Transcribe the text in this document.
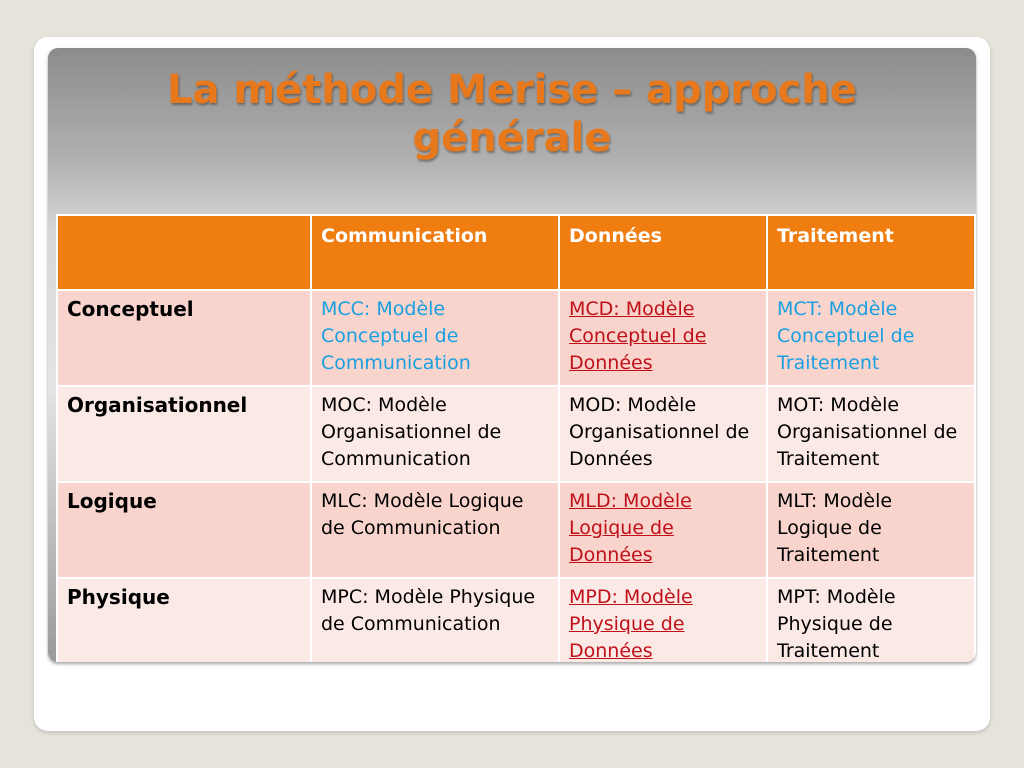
La méthode Merise – approche
générale
	Communication	Données	Traitement
Conceptuel	MCC: Modèle Conceptuel de Communication	MCD: Modèle Conceptuel de Données	MCT: Modèle Conceptuel de Traitement
Organisationnel	MOC: Modèle Organisationnel de Communication	MOD: Modèle Organisationnel de Données	MOT: Modèle Organisationnel de Traitement
Logique	MLC: Modèle Logique de Communication	MLD: Modèle Logique de Données	MLT: Modèle Logique de Traitement
Physique	MPC: Modèle Physique de Communication	MPD: Modèle Physique de Données	MPT: Modèle Physique de Traitement
